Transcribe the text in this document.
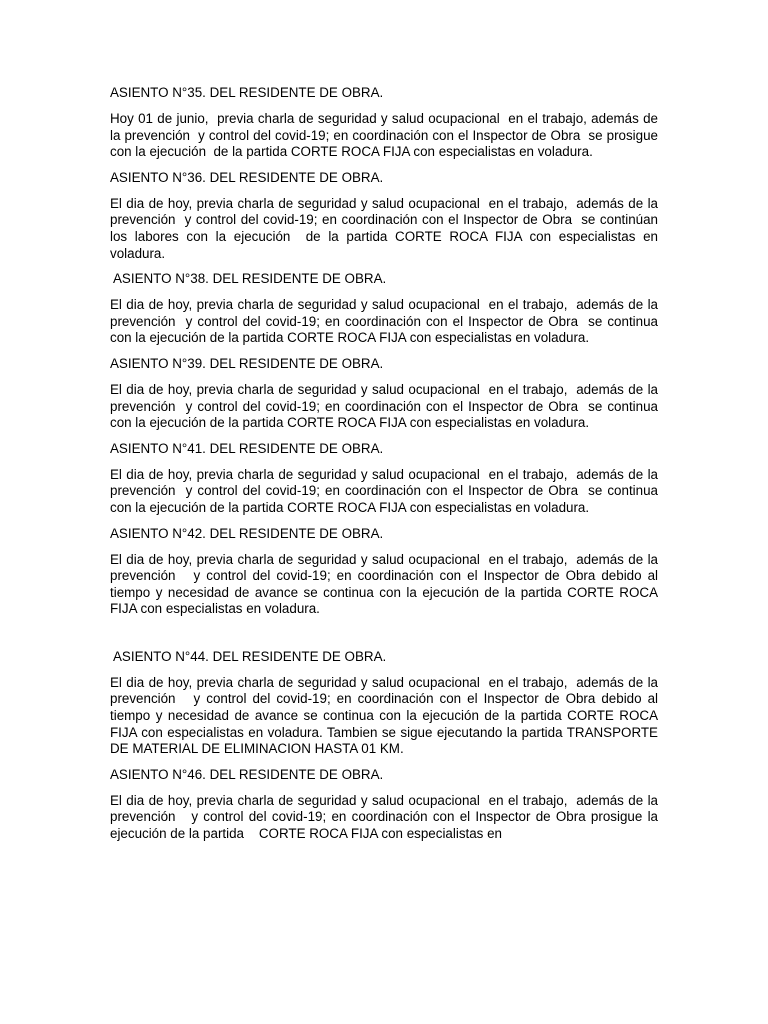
ASIENTO N°35. DEL RESIDENTE DE OBRA.

Hoy 01 de junio,  previa charla de seguridad y salud ocupacional  en el trabajo, además de la prevención  y control del covid-19; en coordinación con el Inspector de Obra  se prosigue con la ejecución  de la partida CORTE ROCA FIJA con especialistas en voladura.

ASIENTO N°36. DEL RESIDENTE DE OBRA.

El dia de hoy, previa charla de seguridad y salud ocupacional  en el trabajo,  además de la prevención  y control del covid-19; en coordinación con el Inspector de Obra  se continúan los labores con la ejecución  de la partida CORTE ROCA FIJA con especialistas en voladura.

ASIENTO N°38. DEL RESIDENTE DE OBRA.

El dia de hoy, previa charla de seguridad y salud ocupacional  en el trabajo,  además de la prevención  y control del covid-19; en coordinación con el Inspector de Obra  se continua con la ejecución de la partida CORTE ROCA FIJA con especialistas en voladura.

ASIENTO N°39. DEL RESIDENTE DE OBRA.

El dia de hoy, previa charla de seguridad y salud ocupacional  en el trabajo,  además de la prevención  y control del covid-19; en coordinación con el Inspector de Obra  se continua con la ejecución de la partida CORTE ROCA FIJA con especialistas en voladura.

ASIENTO N°41. DEL RESIDENTE DE OBRA.

El dia de hoy, previa charla de seguridad y salud ocupacional  en el trabajo,  además de la prevención  y control del covid-19; en coordinación con el Inspector de Obra  se continua con la ejecución de la partida CORTE ROCA FIJA con especialistas en voladura.

ASIENTO N°42. DEL RESIDENTE DE OBRA.

El dia de hoy, previa charla de seguridad y salud ocupacional  en el trabajo,  además de la prevención   y control del covid-19; en coordinación con el Inspector de Obra debido al tiempo y necesidad de avance se continua con la ejecución de la partida CORTE ROCA FIJA con especialistas en voladura.

ASIENTO N°44. DEL RESIDENTE DE OBRA.

El dia de hoy, previa charla de seguridad y salud ocupacional  en el trabajo,  además de la prevención   y control del covid-19; en coordinación con el Inspector de Obra debido al tiempo y necesidad de avance se continua con la ejecución de la partida CORTE ROCA FIJA con especialistas en voladura. Tambien se sigue ejecutando la partida TRANSPORTE DE MATERIAL DE ELIMINACION HASTA 01 KM.

ASIENTO N°46. DEL RESIDENTE DE OBRA.

El dia de hoy, previa charla de seguridad y salud ocupacional  en el trabajo,  además de la prevención   y control del covid-19; en coordinación con el Inspector de Obra prosigue la ejecución de la partida    CORTE ROCA FIJA con especialistas en
